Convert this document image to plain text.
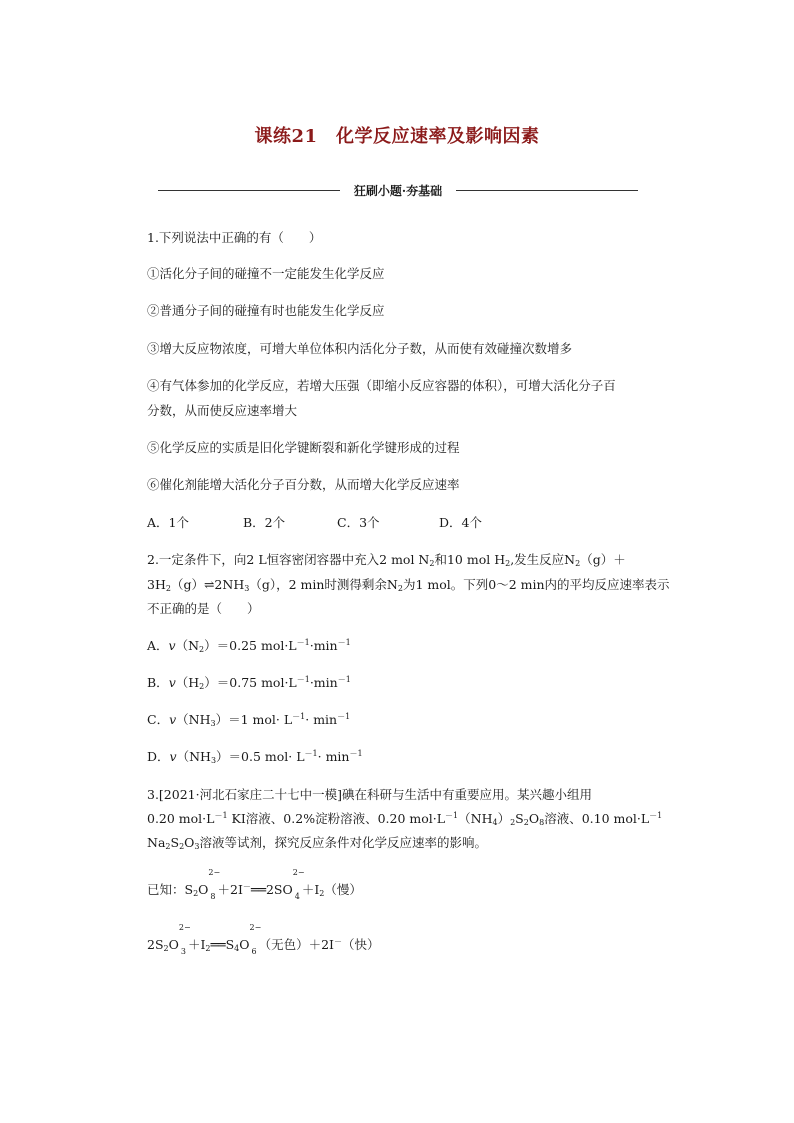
课练21　化学反应速率及影响因素
狂刷小题·夯基础
1.下列说法中正确的有（　　）
①活化分子间的碰撞不一定能发生化学反应
②普通分子间的碰撞有时也能发生化学反应
③增大反应物浓度，可增大单位体积内活化分子数，从而使有效碰撞次数增多
④有气体参加的化学反应，若增大压强（即缩小反应容器的体积），可增大活化分子百
分数，从而使反应速率增大
⑤化学反应的实质是旧化学键断裂和新化学键形成的过程
⑥催化剂能增大活化分子百分数，从而增大化学反应速率
A．1个	B．2个	C．3个	D．4个
2.一定条件下，向2 L恒容密闭容器中充入2 mol $N_2$和10 mol $H_2$,发生反应$N_2(g)+$
$3H_2(g)\rightleftharpoons 2NH_3(g)$，2 min时测得剩余$N_2$为1 mol。下列0～2 min内的平均反应速率表示
不正确的是（　　）
A．$v(N_2)=0.25$ $mol\cdot L^{-1}\cdot\min^{-1}$
B．$v(H_2)=0.75$ $mol\cdot L^{-1}\cdot\min^{-1}$
C．$v(NH_3)=1$ $mol\cdot L^{-1}\cdot \min^{-1}$
D．$v(NH_3)=0.5$ $mol\cdot L^{-1}\cdot \min^{-1}$
3.[2021·河北石家庄二十七中一模]碘在科研与生活中有重要应用。某兴趣小组用
0.20 $mol\cdot L^{-1}$ KI溶液、0.2%淀粉溶液、0.20 $mol\cdot L^{-1}(NH_4)_2S_2O_8$溶液、0.10 $mol\cdot L^{-1}$
$Na_2S_2O_3$溶液等试剂，探究反应条件对化学反应速率的影响。
已知：$S_2O$
2−
$_8$ ＋2I－══2SO
2−
$_4 +I_2$（慢）
$2S_2O$
2−
$_3 +I_2══S_4O$
2−
$_6$ （无色）＋2I－（快）
